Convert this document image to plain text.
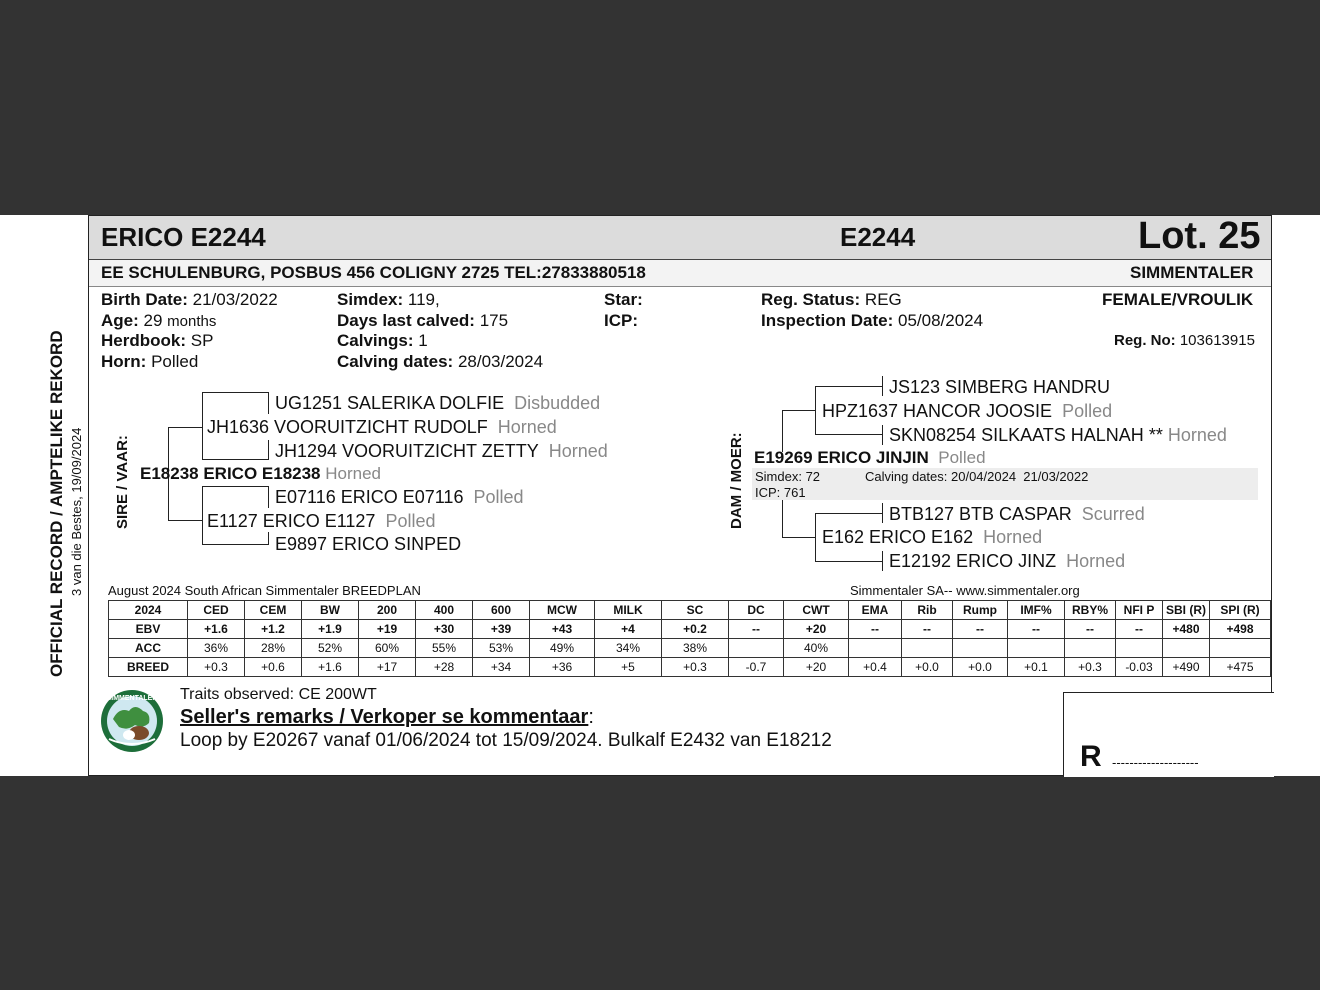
ERICO E2244	E2244	Lot. 25
EE SCHULENBURG, POSBUS 456 COLIGNY 2725 TEL:27833880518	SIMMENTALER
Birth Date: 21/03/2022
Age: 29 months
Herdbook: SP
Horn: Polled
Simdex: 119,
Days last calved: 175
Calvings: 1
Calving dates: 28/03/2024
Star:
ICP:
Reg. Status: REG
Inspection Date: 05/08/2024
FEMALE/VROULIK
Reg. No: 103613915
OFFICIAL RECORD / AMPTELIKE REKORD 3 van die Bestes, 19/09/2024 SIRE / VAAR:	DAM / MOER:
UG1251 SALERIKA DOLFIE Disbudded
JH1636 VOORUITZICHT RUDOLF Horned
JH1294 VOORUITZICHT ZETTY Horned
E18238 ERICO E18238 Horned
E07116 ERICO E07116 Polled
E1127 ERICO E1127 Polled
E9897 ERICO SINPED
JS123 SIMBERG HANDRU
HPZ1637 HANCOR JOOSIE Polled
SKN08254 SILKAATS HALNAH ** Horned
E19269 ERICO JINJIN Polled
Simdex: 72
ICP: 761
Calving dates: 20/04/2024  21/03/2022
BTB127 BTB CASPAR Scurred
E162 ERICO E162 Horned
E12192 ERICO JINZ Horned
August 2024 South African Simmentaler BREEDPLAN	Simmentaler SA-- www.simmentaler.org
2024	CED	CEM	BW	200	400	600	MCW	MILK	SC	DC	CWT	EMA	Rib	Rump	IMF%	RBY%	NFI P	SBI (R)	SPI (R)
EBV	+1.6	+1.2	+1.9	+19	+30	+39	+43	+4	+0.2	--	+20	--	--	--	--	--	--	+480	+498
ACC	36%	28%	52%	60%	55%	53%	49%	34%	38%		40%								
BREED	+0.3	+0.6	+1.6	+17	+28	+34	+36	+5	+0.3	-0.7	+20	+0.4	+0.0	+0.0	+0.1	+0.3	-0.03	+490	+475
SIMMENTALER Traits observed: CE 200WT
Seller's remarks / Verkoper se kommentaar:
Loop by E20267 vanaf 01/06/2024 tot 15/09/2024. Bulkalf E2432 van E18212	R --------------------
